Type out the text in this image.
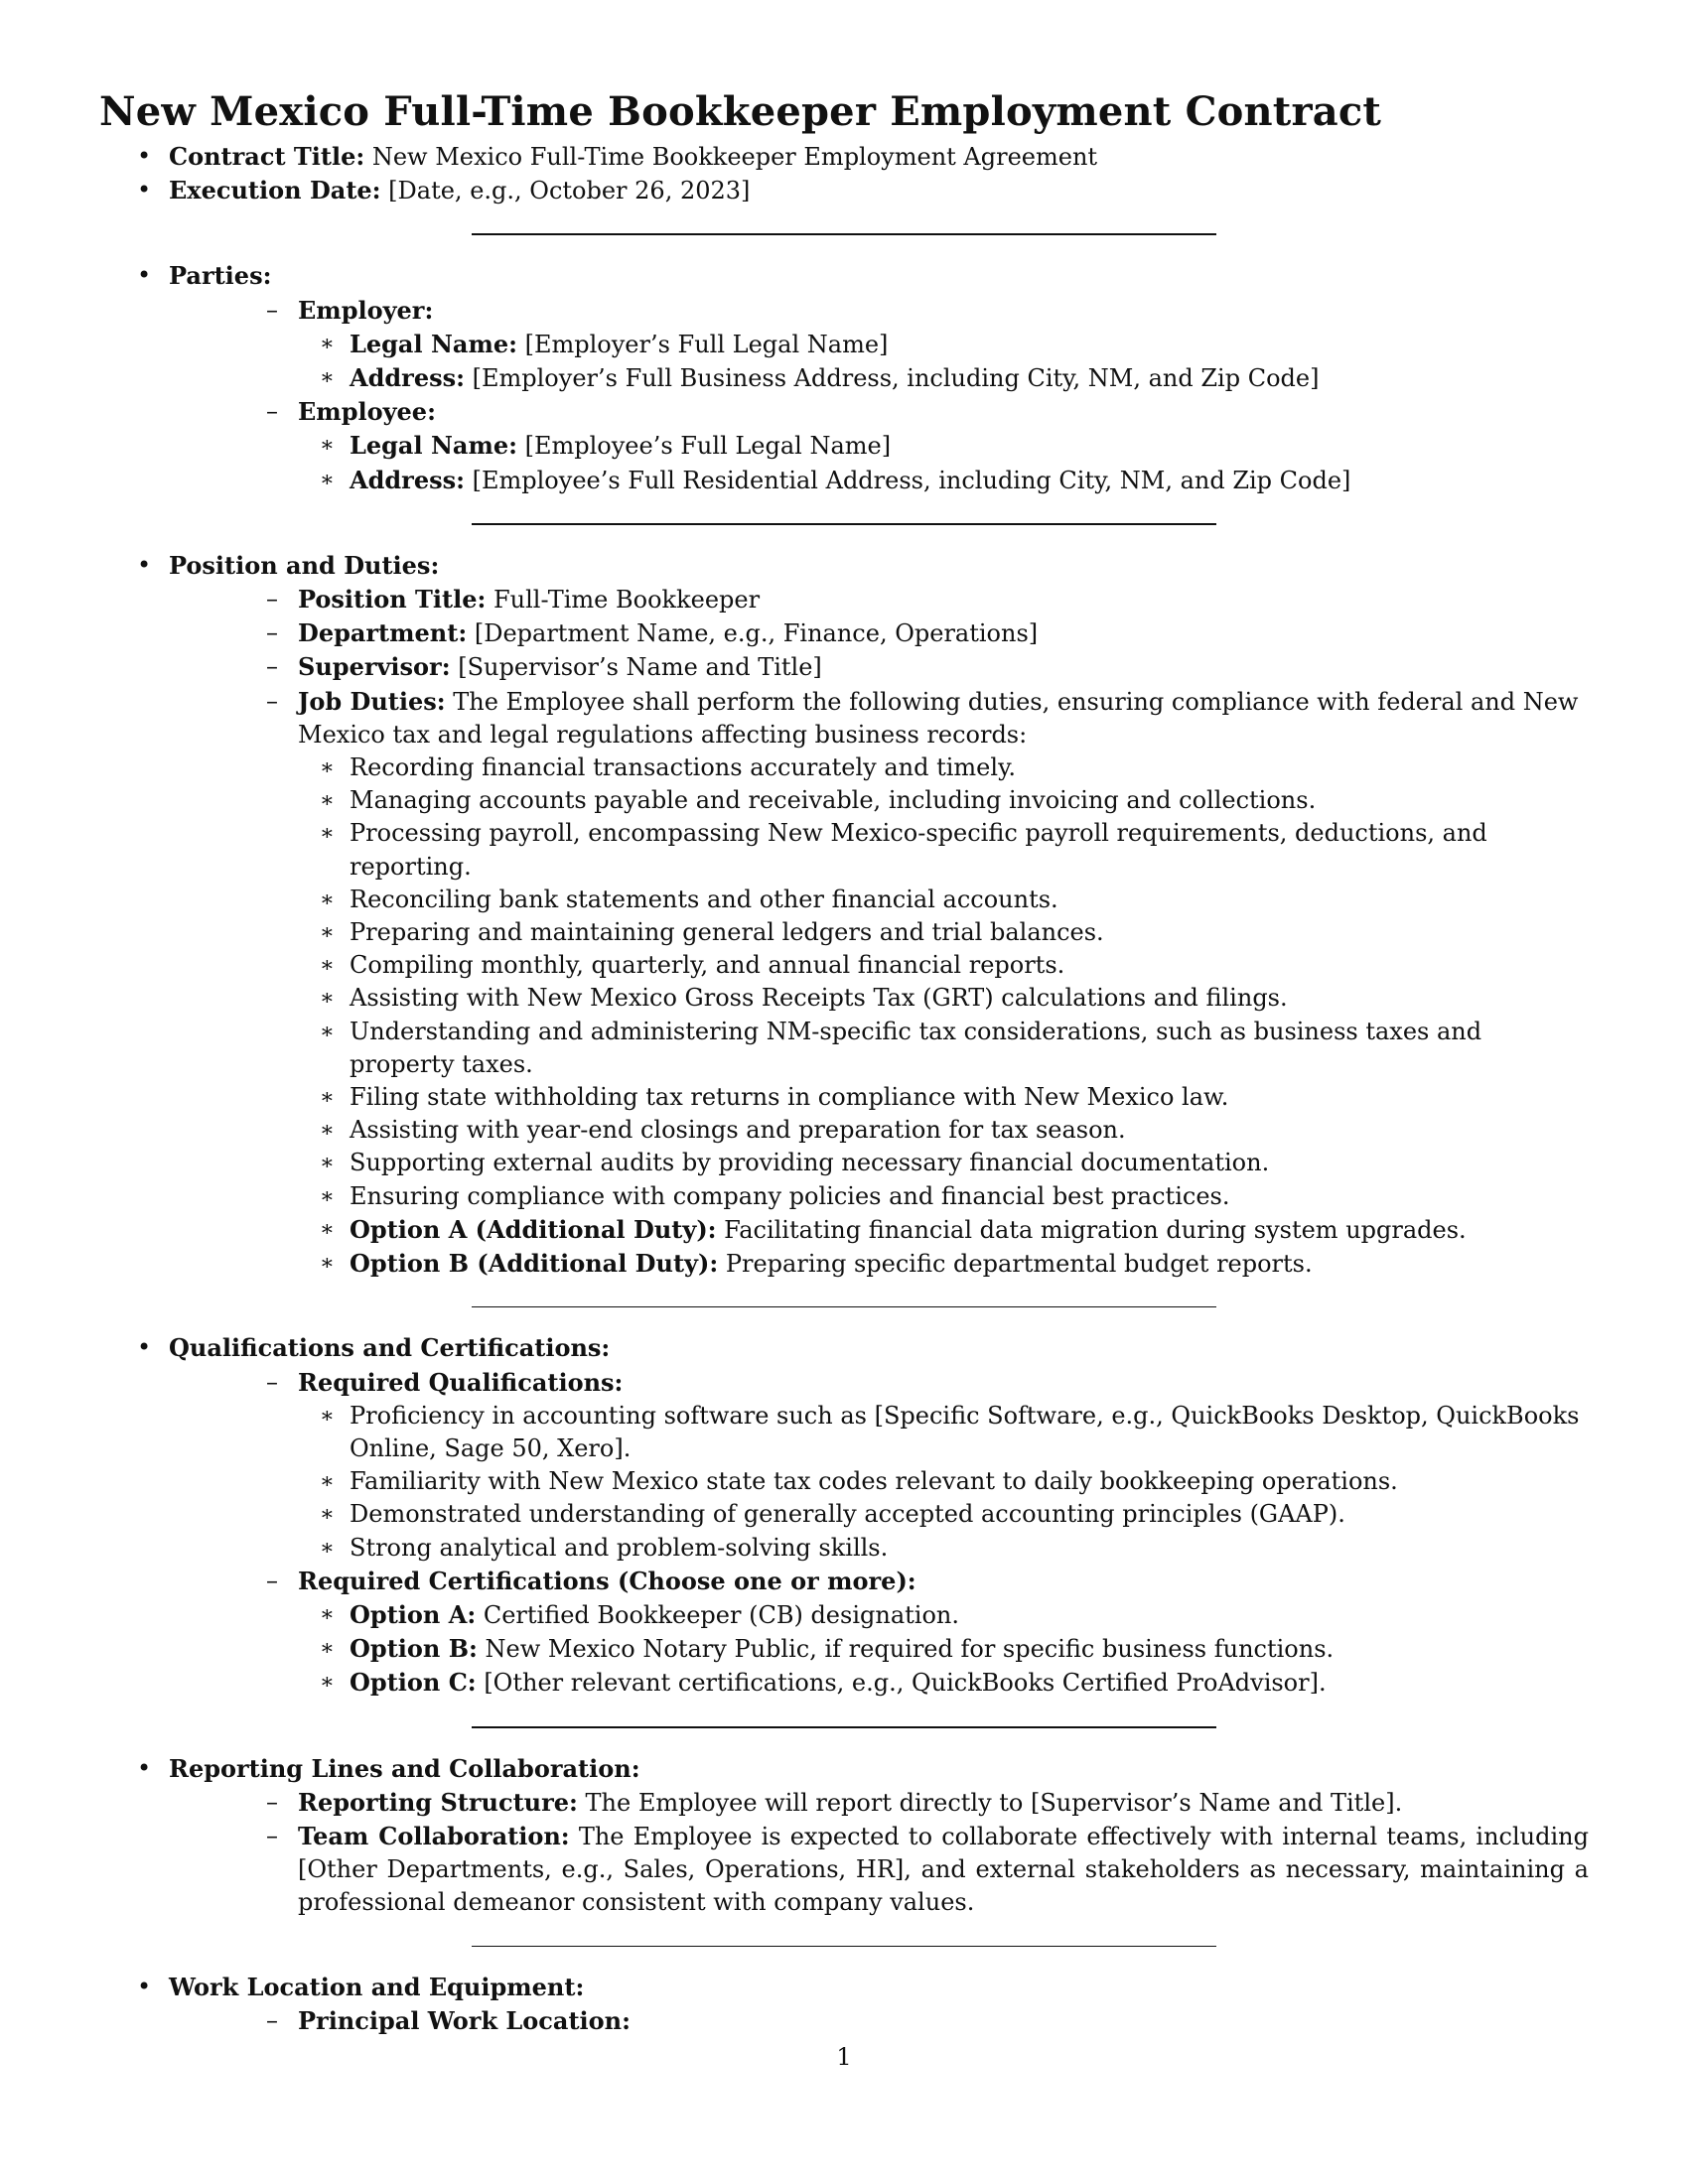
New Mexico Full-Time Bookkeeper Employment Contract
• Contract Title: New Mexico Full-Time Bookkeeper Employment Agreement
• Execution Date: [Date, e.g., October 26, 2023]
• Parties:
– Employer:
∗ Legal Name: [Employer’s Full Legal Name]
∗ Address: [Employer’s Full Business Address, including City, NM, and Zip Code]
– Employee:
∗ Legal Name: [Employee’s Full Legal Name]
∗ Address: [Employee’s Full Residential Address, including City, NM, and Zip Code]
• Position and Duties:
– Position Title: Full-Time Bookkeeper
– Department: [Department Name, e.g., Finance, Operations]
– Supervisor: [Supervisor’s Name and Title]
– Job Duties: The Employee shall perform the following duties, ensuring compliance with federal and New Mexico tax and legal regulations affecting business records:
∗ Recording financial transactions accurately and timely.
∗ Managing accounts payable and receivable, including invoicing and collections.
∗ Processing payroll, encompassing New Mexico-specific payroll requirements, deductions, and reporting.
∗ Reconciling bank statements and other financial accounts.
∗ Preparing and maintaining general ledgers and trial balances.
∗ Compiling monthly, quarterly, and annual financial reports.
∗ Assisting with New Mexico Gross Receipts Tax (GRT) calculations and filings.
∗ Understanding and administering NM-specific tax considerations, such as business taxes and property taxes.
∗ Filing state withholding tax returns in compliance with New Mexico law.
∗ Assisting with year-end closings and preparation for tax season.
∗ Supporting external audits by providing necessary financial documentation.
∗ Ensuring compliance with company policies and financial best practices.
∗ Option A (Additional Duty): Facilitating financial data migration during system upgrades.
∗ Option B (Additional Duty): Preparing specific departmental budget reports.
• Qualifications and Certifications:
– Required Qualifications:
∗ Proficiency in accounting software such as [Specific Software, e.g., QuickBooks Desktop, QuickBooks Online, Sage 50, Xero].
∗ Familiarity with New Mexico state tax codes relevant to daily bookkeeping operations.
∗ Demonstrated understanding of generally accepted accounting principles (GAAP).
∗ Strong analytical and problem-solving skills.
– Required Certifications (Choose one or more):
∗ Option A: Certified Bookkeeper (CB) designation.
∗ Option B: New Mexico Notary Public, if required for specific business functions.
∗ Option C: [Other relevant certifications, e.g., QuickBooks Certified ProAdvisor].
• Reporting Lines and Collaboration:
– Reporting Structure: The Employee will report directly to [Supervisor’s Name and Title].
– Team Collaboration: The Employee is expected to collaborate effectively with internal teams, including [Other Departments, e.g., Sales, Operations, HR], and external stakeholders as necessary, maintaining a professional demeanor consistent with company values.
• Work Location and Equipment:
– Principal Work Location:
1
